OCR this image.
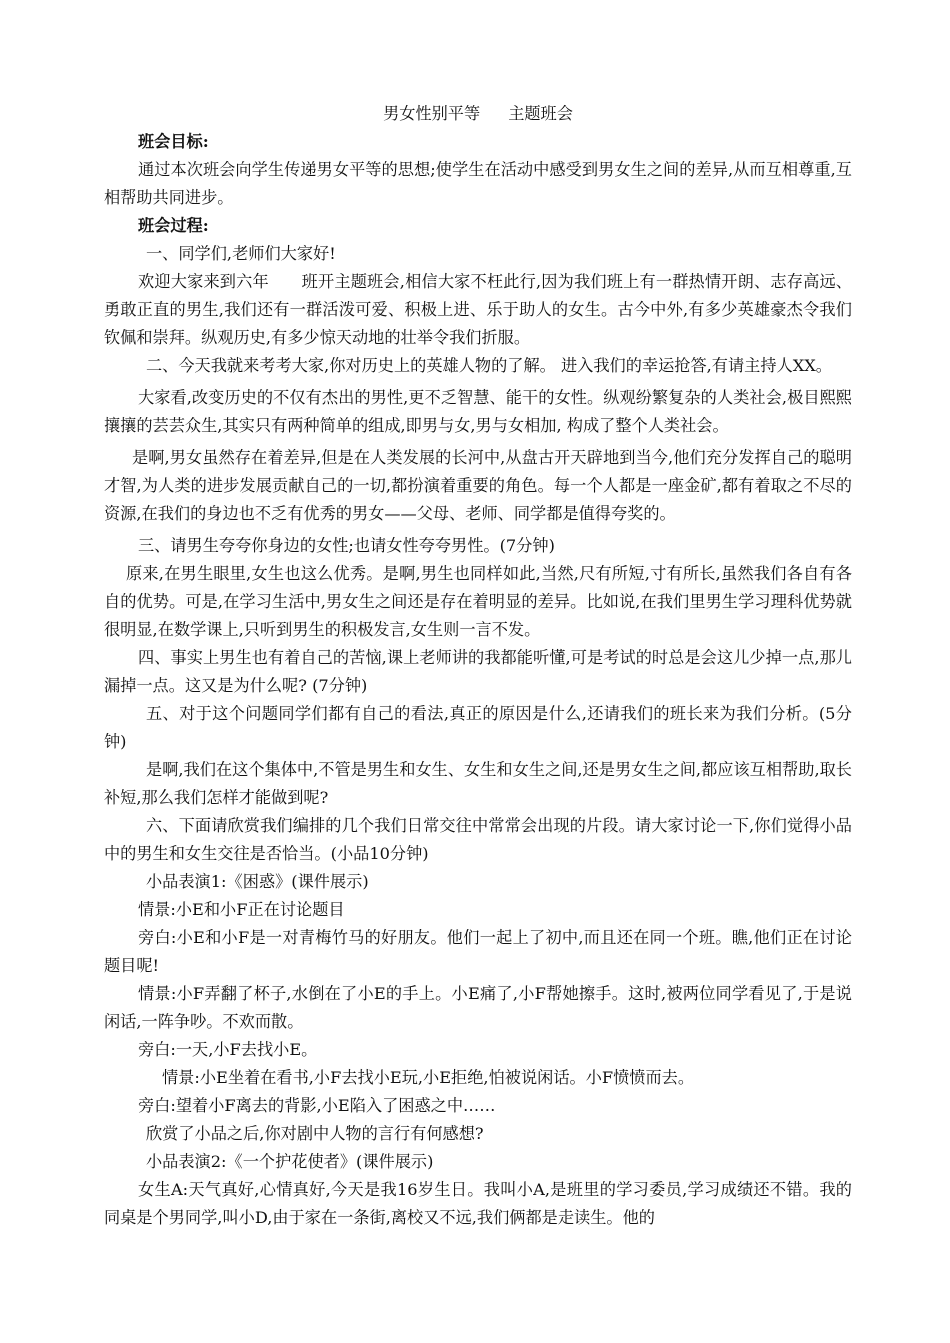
男女性别平等 主题班会
班会目标:

通过本次班会向学生传递男女平等的思想;使学生在活动中感受到男女生之间的差异,从而互相尊重,互相帮助共同进步。

班会过程:

一、同学们,老师们大家好!

欢迎大家来到六年　　班开主题班会,相信大家不枉此行,因为我们班上有一群热情开朗、志存高远、勇敢正直的男生,我们还有一群活泼可爱、积极上进、乐于助人的女生。古今中外,有多少英雄豪杰令我们钦佩和崇拜。纵观历史,有多少惊天动地的壮举令我们折服。

二、今天我就来考考大家,你对历史上的英雄人物的了解。 进入我们的幸运抢答,有请主持人XX。

大家看,改变历史的不仅有杰出的男性,更不乏智慧、能干的女性。纵观纷繁复杂的人类社会,极目熙熙攘攘的芸芸众生,其实只有两种简单的组成,即男与女,男与女相加, 构成了整个人类社会。

是啊,男女虽然存在着差异,但是在人类发展的长河中,从盘古开天辟地到当今,他们充分发挥自己的聪明才智,为人类的进步发展贡献自己的一切,都扮演着重要的角色。每一个人都是一座金矿,都有着取之不尽的资源,在我们的身边也不乏有优秀的男女——父母、老师、同学都是值得夸奖的。

三、请男生夸夸你身边的女性;也请女性夸夸男性。(7分钟)

原来,在男生眼里,女生也这么优秀。是啊,男生也同样如此,当然,尺有所短,寸有所长,虽然我们各自有各自的优势。可是,在学习生活中,男女生之间还是存在着明显的差异。比如说,在我们里男生学习理科优势就很明显,在数学课上,只听到男生的积极发言,女生则一言不发。

四、事实上男生也有着自己的苦恼,课上老师讲的我都能听懂,可是考试的时总是会这儿少掉一点,那儿漏掉一点。这又是为什么呢? (7分钟)

五、对于这个问题同学们都有自己的看法,真正的原因是什么,还请我们的班长来为我们分析。(5分钟)

是啊,我们在这个集体中,不管是男生和女生、女生和女生之间,还是男女生之间,都应该互相帮助,取长补短,那么我们怎样才能做到呢?

六、下面请欣赏我们编排的几个我们日常交往中常常会出现的片段。请大家讨论一下,你们觉得小品中的男生和女生交往是否恰当。(小品10分钟)

小品表演1:《困惑》(课件展示)

情景:小E和小F正在讨论题目

旁白:小E和小F是一对青梅竹马的好朋友。他们一起上了初中,而且还在同一个班。瞧,他们正在讨论题目呢!

情景:小F弄翻了杯子,水倒在了小E的手上。小E痛了,小F帮她擦手。这时,被两位同学看见了,于是说闲话,一阵争吵。不欢而散。

旁白:一天,小F去找小E。

情景:小E坐着在看书,小F去找小E玩,小E拒绝,怕被说闲话。小F愤愤而去。

旁白:望着小F离去的背影,小E陷入了困惑之中……

欣赏了小品之后,你对剧中人物的言行有何感想?

小品表演2:《一个护花使者》(课件展示)

女生A:天气真好,心情真好,今天是我16岁生日。我叫小A,是班里的学习委员,学习成绩还不错。我的同桌是个男同学,叫小D,由于家在一条街,离校又不远,我们俩都是走读生。他的
